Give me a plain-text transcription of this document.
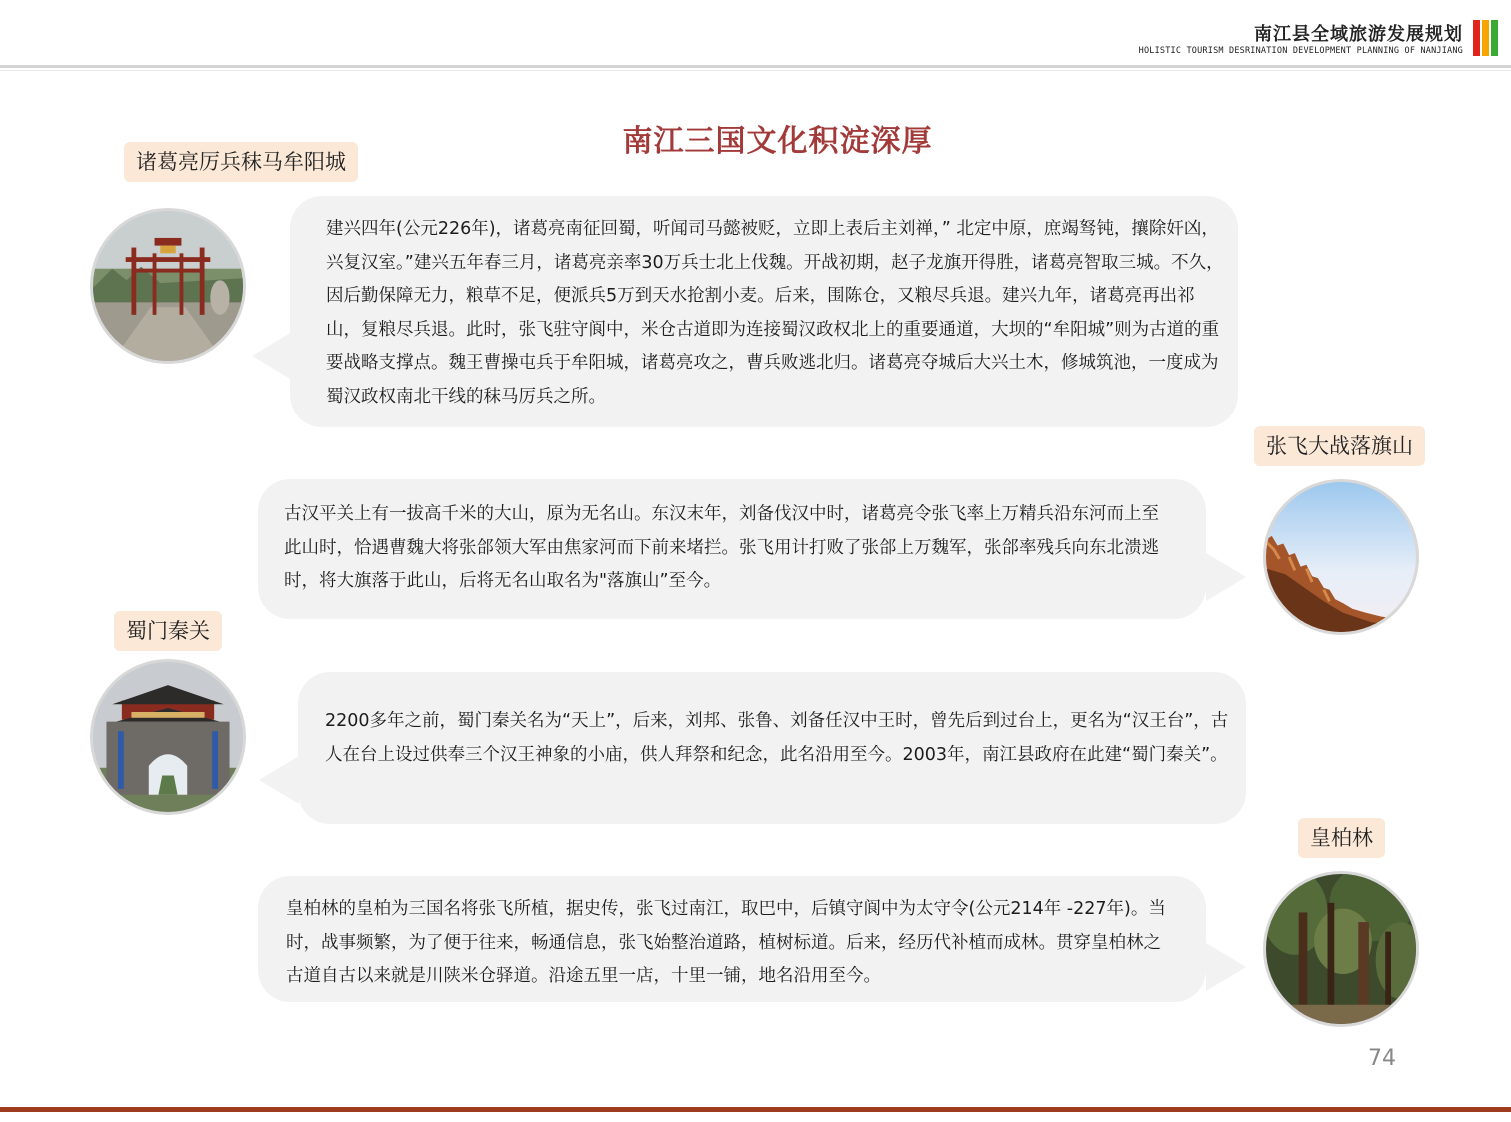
南江县全域旅游发展规划
HOLISTIC TOURISM DESRINATION DEVELOPMENT PLANNING OF NANJIANG
南江三国文化积淀深厚
诸葛亮厉兵秣马牟阳城
建兴四年(公元226年)，诸葛亮南征回蜀，听闻司马懿被贬，立即上表后主刘禅，” 北定中原，庶竭驽钝，攘除奸凶，兴复汉室。”建兴五年春三月，诸葛亮亲率30万兵士北上伐魏。开战初期，赵子龙旗开得胜，诸葛亮智取三城。不久，因后勤保障无力，粮草不足，便派兵5万到天水抢割小麦。后来，围陈仓，又粮尽兵退。建兴九年，诸葛亮再出祁山，复粮尽兵退。此时，张飞驻守阆中，米仓古道即为连接蜀汉政权北上的重要通道，大坝的“牟阳城”则为古道的重要战略支撑点。魏王曹操屯兵于牟阳城，诸葛亮攻之，曹兵败逃北归。诸葛亮夺城后大兴土木，修城筑池，一度成为蜀汉政权南北干线的秣马厉兵之所。
张飞大战落旗山
古汉平关上有一拔高千米的大山，原为无名山。东汉末年，刘备伐汉中时，诸葛亮令张飞率上万精兵沿东河而上至此山时，恰遇曹魏大将张郃领大军由焦家河而下前来堵拦。张飞用计打败了张郃上万魏军，张郃率残兵向东北溃逃时，将大旗落于此山，后将无名山取名为"落旗山”至今。
蜀门秦关
2200多年之前，蜀门秦关名为“天上”，后来，刘邦、张鲁、刘备任汉中王时，曾先后到过台上，更名为“汉王台”，古人在台上设过供奉三个汉王神象的小庙，供人拜祭和纪念，此名沿用至今。2003年，南江县政府在此建“蜀门秦关”。
皇柏林
皇柏林的皇柏为三国名将张飞所植，据史传，张飞过南江，取巴中，后镇守阆中为太守令(公元214年 -227年)。当时，战事频繁，为了便于往来，畅通信息，张飞始整治道路，植树标道。后来，经历代补植而成林。贯穿皇柏林之古道自古以来就是川陕米仓驿道。沿途五里一店，十里一铺，地名沿用至今。
74
